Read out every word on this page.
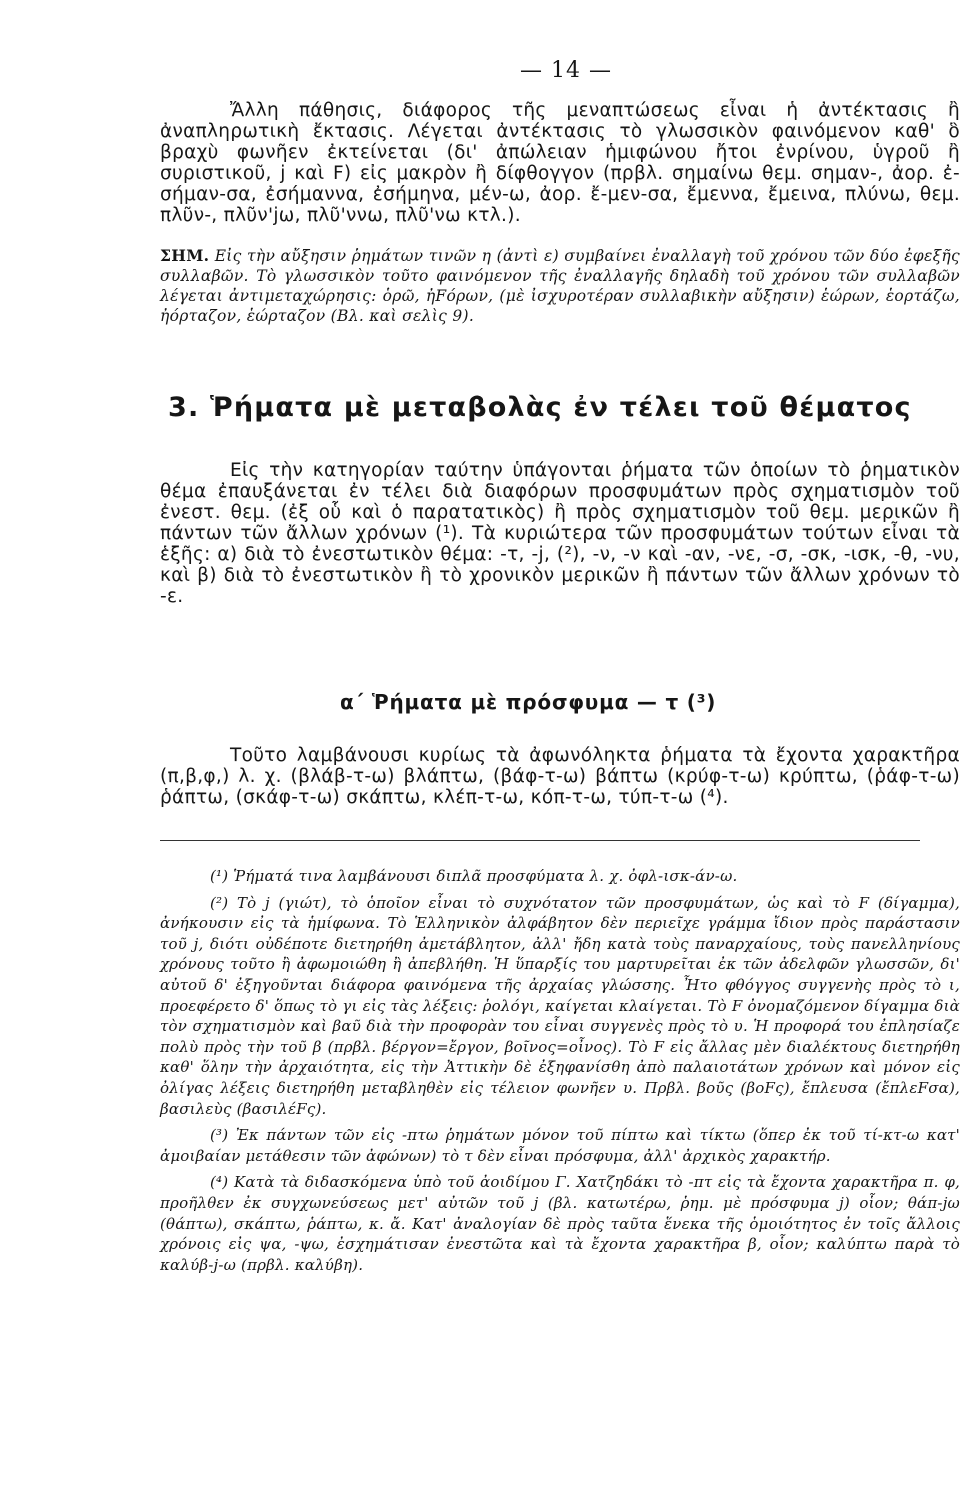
— 14 —

Ἄλλη πάθησις, διάφορος τῆς μεναπτώσεως εἶναι ἡ ἀντέκτασις ἢ ἀναπληρωτικὴ ἔκτασις. Λέγεται ἀντέκτασις τὸ γλωσσικὸν φαινόμενον καθ' ὃ βραχὺ φωνῆεν ἐκτείνεται (δι' ἀπώλειαν ἡμιφώνου ἤτοι ἐνρίνου, ὑγροῦ ἢ συριστικοῦ, j καὶ F) εἰς μακρὸν ἢ δίφθογγον (πρβλ. σημαίνω θεμ. σημαν-, ἀορ. ἐ-σήμαν-σα, ἐσήμαννα, ἐσήμηνα, μέν-ω, ἀορ. ἔ-μεν-σα, ἔμεννα, ἔμεινα, πλύνω, θεμ. πλῦν-, πλῦν'jω, πλῦ'ννω, πλῦ'νω κτλ.).

ΣΗΜ. Εἰς τὴν αὔξησιν ῥημάτων τινῶν η (ἀντὶ ε) συμβαίνει ἐναλλαγὴ τοῦ χρόνου τῶν δύο ἐφεξῆς συλλαβῶν. Τὸ γλωσσικὸν τοῦτο φαινόμενον τῆς ἐναλλαγῆς δηλαδὴ τοῦ χρόνου τῶν συλλαβῶν λέγεται ἀντιμεταχώρησις: ὁρῶ, ἠFόρων, (μὲ ἰσχυροτέραν συλλαβικὴν αὔξησιν) ἑώρων, ἑορτάζω, ἠόρταζον, ἑώρταζον (Βλ. καὶ σελὶς 9).

3. Ῥήματα μὲ μεταβολὰς ἐν τέλει τοῦ θέματος

Εἰς τὴν κατηγορίαν ταύτην ὑπάγονται ῥήματα τῶν ὁποίων τὸ ῥηματικὸν θέμα ἐπαυξάνεται ἐν τέλει διὰ διαφόρων προσφυμάτων πρὸς σχηματισμὸν τοῦ ἐνεστ. θεμ. (ἐξ οὗ καὶ ὁ παρατατικὸς) ἢ πρὸς σχηματισμὸν τοῦ θεμ. μερικῶν ἢ πάντων τῶν ἄλλων χρόνων (¹). Τὰ κυριώτερα τῶν προσφυμάτων τούτων εἶναι τὰ ἑξῆς: α) διὰ τὸ ἐνεστωτικὸν θέμα: -τ, -j, (²), -ν, -ν καὶ -αν, -νε, -σ, -σκ, -ισκ, -θ, -νυ, καὶ β) διὰ τὸ ἐνεστωτικὸν ἢ τὸ χρονικὸν μερικῶν ἢ πάντων τῶν ἄλλων χρόνων τὸ -ε.

α΄ Ῥήματα μὲ πρόσφυμα — τ (³)

Τοῦτο λαμβάνουσι κυρίως τὰ ἀφωνόληκτα ῥήματα τὰ ἔχοντα χαρακτῆρα (π,β,φ,) λ. χ. (βλάβ-τ-ω) βλάπτω, (βάφ-τ-ω) βάπτω (κρύφ-τ-ω) κρύπτω, (ῥάφ-τ-ω) ῥάπτω, (σκάφ-τ-ω) σκάπτω, κλέπ-τ-ω, κόπ-τ-ω, τύπ-τ-ω (⁴).

(¹) Ῥήματά τινα λαμβάνουσι διπλᾶ προσφύματα λ. χ. ὀφλ-ισκ-άν-ω.

(²) Τὸ j (γιώτ), τὸ ὁποῖον εἶναι τὸ συχνότατον τῶν προσφυμάτων, ὡς καὶ τὸ F (δίγαμμα), ἀνήκουσιν εἰς τὰ ἡμίφωνα. Τὸ Ἑλληνικὸν ἀλφάβητον δὲν περιεῖχε γράμμα ἴδιον πρὸς παράστασιν τοῦ j, διότι οὐδέποτε διετηρήθη ἀμετάβλητον, ἀλλ' ἤδη κατὰ τοὺς παναρχαίους, τοὺς πανελληνίους χρόνους τοῦτο ἢ ἀφωμοιώθη ἢ ἀπεβλήθη. Ἡ ὕπαρξίς του μαρτυρεῖται ἐκ τῶν ἀδελφῶν γλωσσῶν, δι' αὐτοῦ δ' ἐξηγοῦνται διάφορα φαινόμενα τῆς ἀρχαίας γλώσσης. Ἦτο φθόγγος συγγενὴς πρὸς τὸ ι, προεφέρετο δ' ὅπως τὸ γι εἰς τὰς λέξεις: ῥολόγι, καίγεται κλαίγεται. Τὸ F ὀνομαζόμενον δίγαμμα διὰ τὸν σχηματισμὸν καὶ βαῦ διὰ τὴν προφορὰν του εἶναι συγγενὲς πρὸς τὸ υ. Ἡ προφορά του ἐπλησίαζε πολὺ πρὸς τὴν τοῦ β (πρβλ. βέργον=ἔργον, βοῖνος=οἶνος). Τὸ F εἰς ἄλλας μὲν διαλέκτους διετηρήθη καθ' ὅλην τὴν ἀρχαιότητα, εἰς τὴν Ἀττικὴν δὲ ἐξηφανίσθη ἀπὸ παλαιοτάτων χρόνων καὶ μόνον εἰς ὀλίγας λέξεις διετηρήθη μεταβληθὲν εἰς τέλειον φωνῆεν υ. Πρβλ. βοῦς (βοFς), ἔπλευσα (ἔπλεFσα), βασιλεὺς (βασιλέFς).

(³) Ἐκ πάντων τῶν εἰς -πτω ῥημάτων μόνον τοῦ πίπτω καὶ τίκτω (ὅπερ ἐκ τοῦ τί-κτ-ω κατ' ἀμοιβαίαν μετάθεσιν τῶν ἀφώνων) τὸ τ δὲν εἶναι πρόσφυμα, ἀλλ' ἀρχικὸς χαρακτήρ.

(⁴) Κατὰ τὰ διδασκόμενα ὑπὸ τοῦ ἀοιδίμου Γ. Χατζηδάκι τὸ -πτ εἰς τὰ ἔχοντα χαρακτῆρα π. φ, προῆλθεν ἐκ συγχωνεύσεως μετ' αὐτῶν τοῦ j (βλ. κατωτέρω, ῥημ. μὲ πρόσφυμα j) οἷον; θάπ-jω (θάπτω), σκάπτω, ῥάπτω, κ. ἄ. Κατ' ἀναλογίαν δὲ πρὸς ταῦτα ἕνεκα τῆς ὁμοιότητος ἐν τοῖς ἄλλοις χρόνοις εἰς ψα, -ψω, ἐσχημάτισαν ἐνεστῶτα καὶ τὰ ἔχοντα χαρακτῆρα β, οἷον; καλύπτω παρὰ τὸ καλύβ-j-ω (πρβλ. καλύβη).
